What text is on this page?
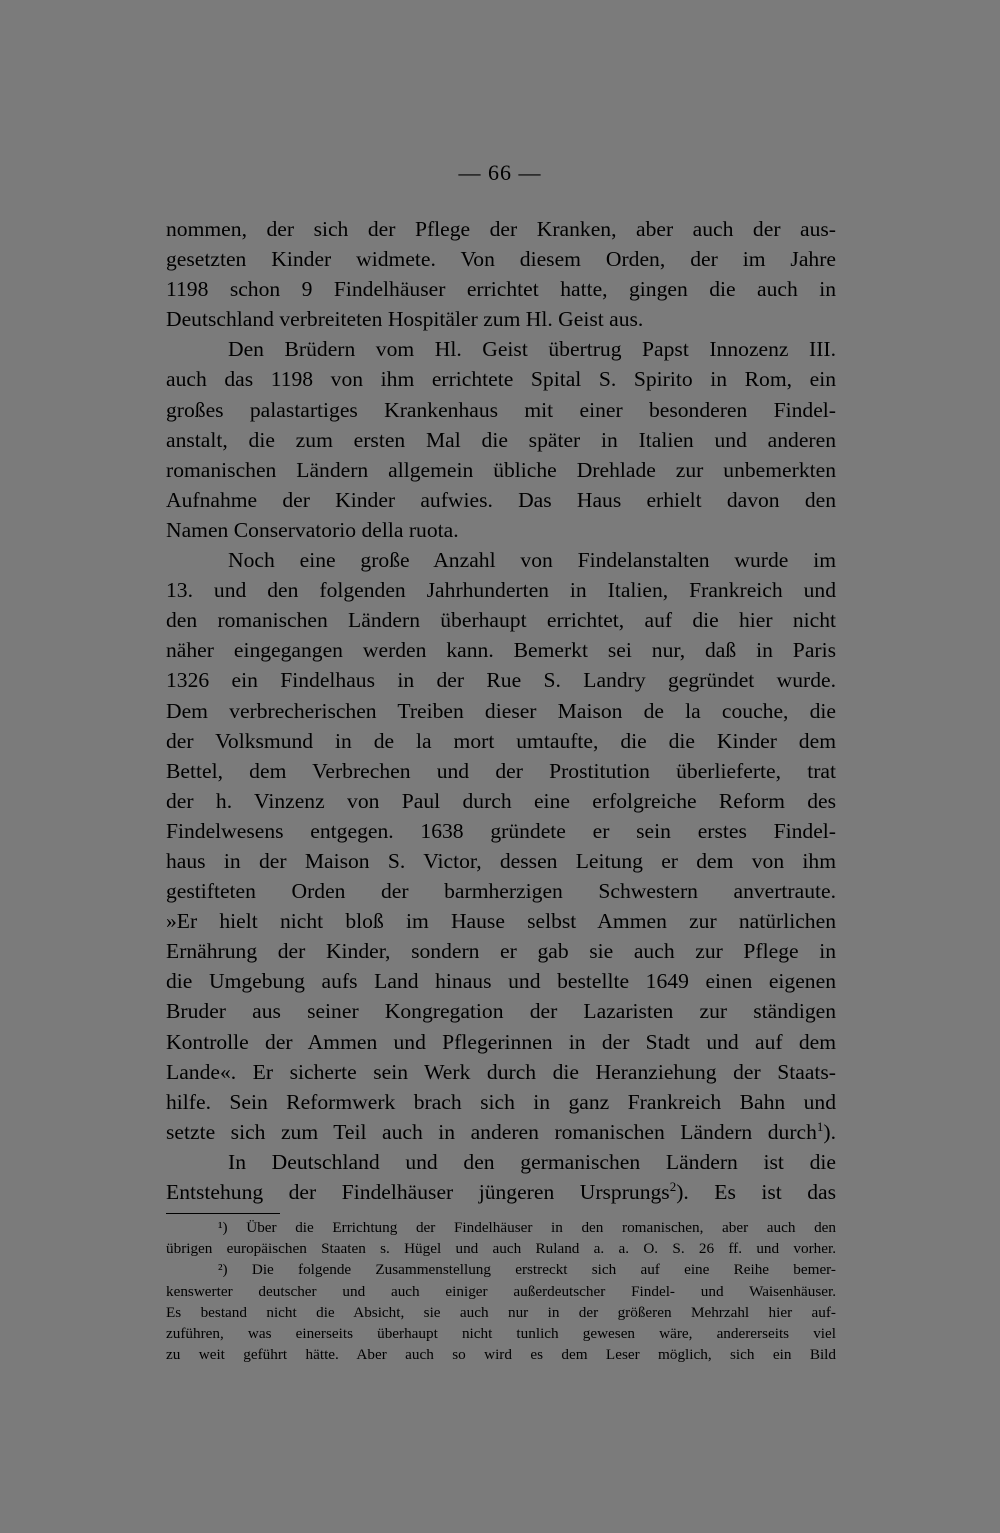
— 66 —
nommen, der sich der Pflege der Kranken, aber auch der aus-
gesetzten Kinder widmete. Von diesem Orden, der im Jahre
1198 schon 9 Findelhäuser errichtet hatte, gingen die auch in
Deutschland verbreiteten Hospitäler zum Hl. Geist aus.
Den Brüdern vom Hl. Geist übertrug Papst Innozenz III.
auch das 1198 von ihm errichtete Spital S. Spirito in Rom, ein
großes palastartiges Krankenhaus mit einer besonderen Findel-
anstalt, die zum ersten Mal die später in Italien und anderen
romanischen Ländern allgemein übliche Drehlade zur unbemerkten
Aufnahme der Kinder aufwies. Das Haus erhielt davon den
Namen Conservatorio della ruota.
Noch eine große Anzahl von Findelanstalten wurde im
13. und den folgenden Jahrhunderten in Italien, Frankreich und
den romanischen Ländern überhaupt errichtet, auf die hier nicht
näher eingegangen werden kann. Bemerkt sei nur, daß in Paris
1326 ein Findelhaus in der Rue S. Landry gegründet wurde.
Dem verbrecherischen Treiben dieser Maison de la couche, die
der Volksmund in de la mort umtaufte, die die Kinder dem
Bettel, dem Verbrechen und der Prostitution überlieferte, trat
der h. Vinzenz von Paul durch eine erfolgreiche Reform des
Findelwesens entgegen. 1638 gründete er sein erstes Findel-
haus in der Maison S. Victor, dessen Leitung er dem von ihm
gestifteten Orden der barmherzigen Schwestern anvertraute.
»Er hielt nicht bloß im Hause selbst Ammen zur natürlichen
Ernährung der Kinder, sondern er gab sie auch zur Pflege in
die Umgebung aufs Land hinaus und bestellte 1649 einen eigenen
Bruder aus seiner Kongregation der Lazaristen zur ständigen
Kontrolle der Ammen und Pflegerinnen in der Stadt und auf dem
Lande«. Er sicherte sein Werk durch die Heranziehung der Staats-
hilfe. Sein Reformwerk brach sich in ganz Frankreich Bahn und
setzte sich zum Teil auch in anderen romanischen Ländern durch$^1$).
In Deutschland und den germanischen Ländern ist die
Entstehung der Findelhäuser jüngeren Ursprungs$^2$). Es ist das
¹) Über die Errichtung der Findelhäuser in den romanischen, aber auch den
übrigen europäischen Staaten s. Hügel und auch Ruland a. a. O. S. 26 ff. und vorher.
²) Die folgende Zusammenstellung erstreckt sich auf eine Reihe bemer-
kenswerter deutscher und auch einiger außerdeutscher Findel- und Waisenhäuser.
Es bestand nicht die Absicht, sie auch nur in der größeren Mehrzahl hier auf-
zuführen, was einerseits überhaupt nicht tunlich gewesen wäre, andererseits viel
zu weit geführt hätte. Aber auch so wird es dem Leser möglich, sich ein Bild
